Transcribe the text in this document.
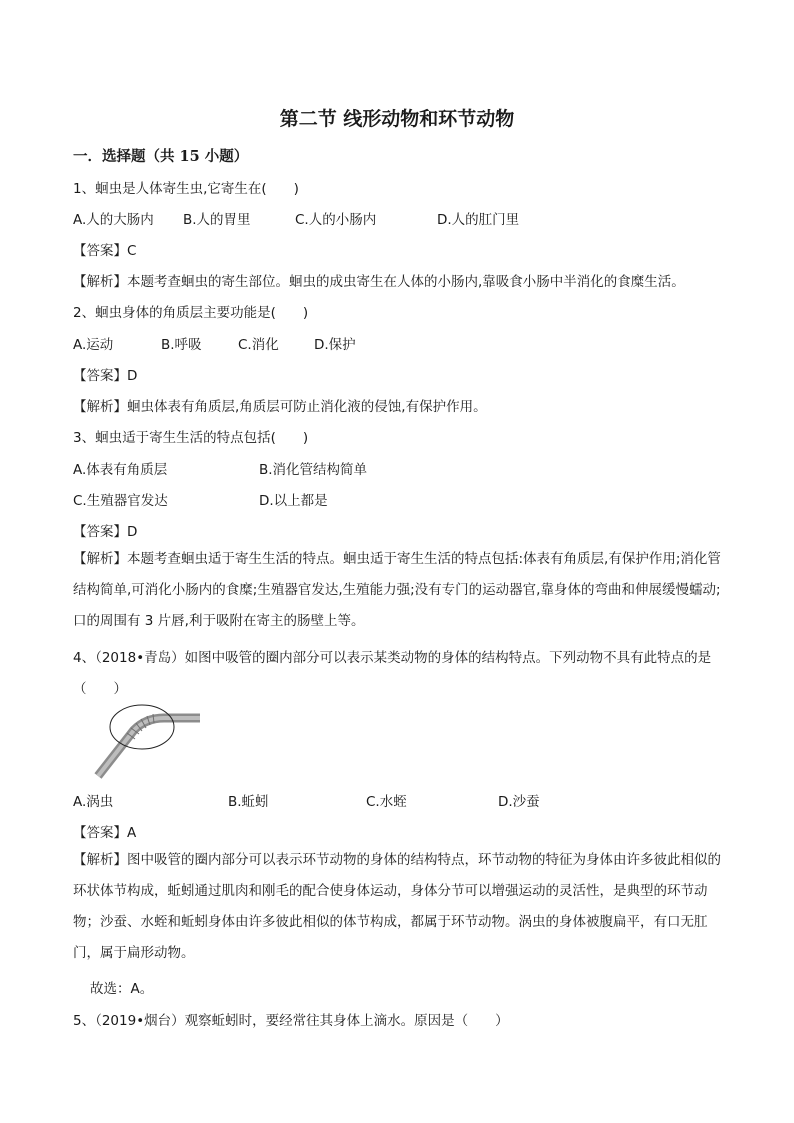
第二节 线形动物和环节动物
一．选择题（共 15 小题）
1、蛔虫是人体寄生虫,它寄生在(　　)
A.人的大肠内 B.人的胃里	C.人的小肠内	D.人的肛门里
【答案】C
【解析】本题考查蛔虫的寄生部位。蛔虫的成虫寄生在人体的小肠内,靠吸食小肠中半消化的食糜生活。
2、蛔虫身体的角质层主要功能是(　　)
A.运动	B.呼吸	C.消化	D.保护
【答案】D
【解析】蛔虫体表有角质层,角质层可防止消化液的侵蚀,有保护作用。
3、蛔虫适于寄生生活的特点包括(　　)
A.体表有角质层	B.消化管结构简单
C.生殖器官发达	D.以上都是
【答案】D
【解析】本题考查蛔虫适于寄生生活的特点。蛔虫适于寄生生活的特点包括:体表有角质层,有保护作用;消化管结构简单,可消化小肠内的食糜;生殖器官发达,生殖能力强;没有专门的运动器官,靠身体的弯曲和伸展缓慢蠕动;口的周围有 3 片唇,利于吸附在寄主的肠壁上等。
4、（2018•青岛）如图中吸管的圈内部分可以表示某类动物的身体的结构特点。下列动物不具有此特点的是
（　　）
A.涡虫	B.蚯蚓	C.水蛭	D.沙蚕
【答案】A
【解析】图中吸管的圈内部分可以表示环节动物的身体的结构特点，环节动物的特征为身体由许多彼此相似的环状体节构成，蚯蚓通过肌肉和刚毛的配合使身体运动，身体分节可以增强运动的灵活性，是典型的环节动物；沙蚕、水蛭和蚯蚓身体由许多彼此相似的体节构成，都属于环节动物。涡虫的身体被腹扁平，有口无肛门，属于扁形动物。
故选：A。
5、（2019•烟台）观察蚯蚓时，要经常往其身体上滴水。原因是（　　）
